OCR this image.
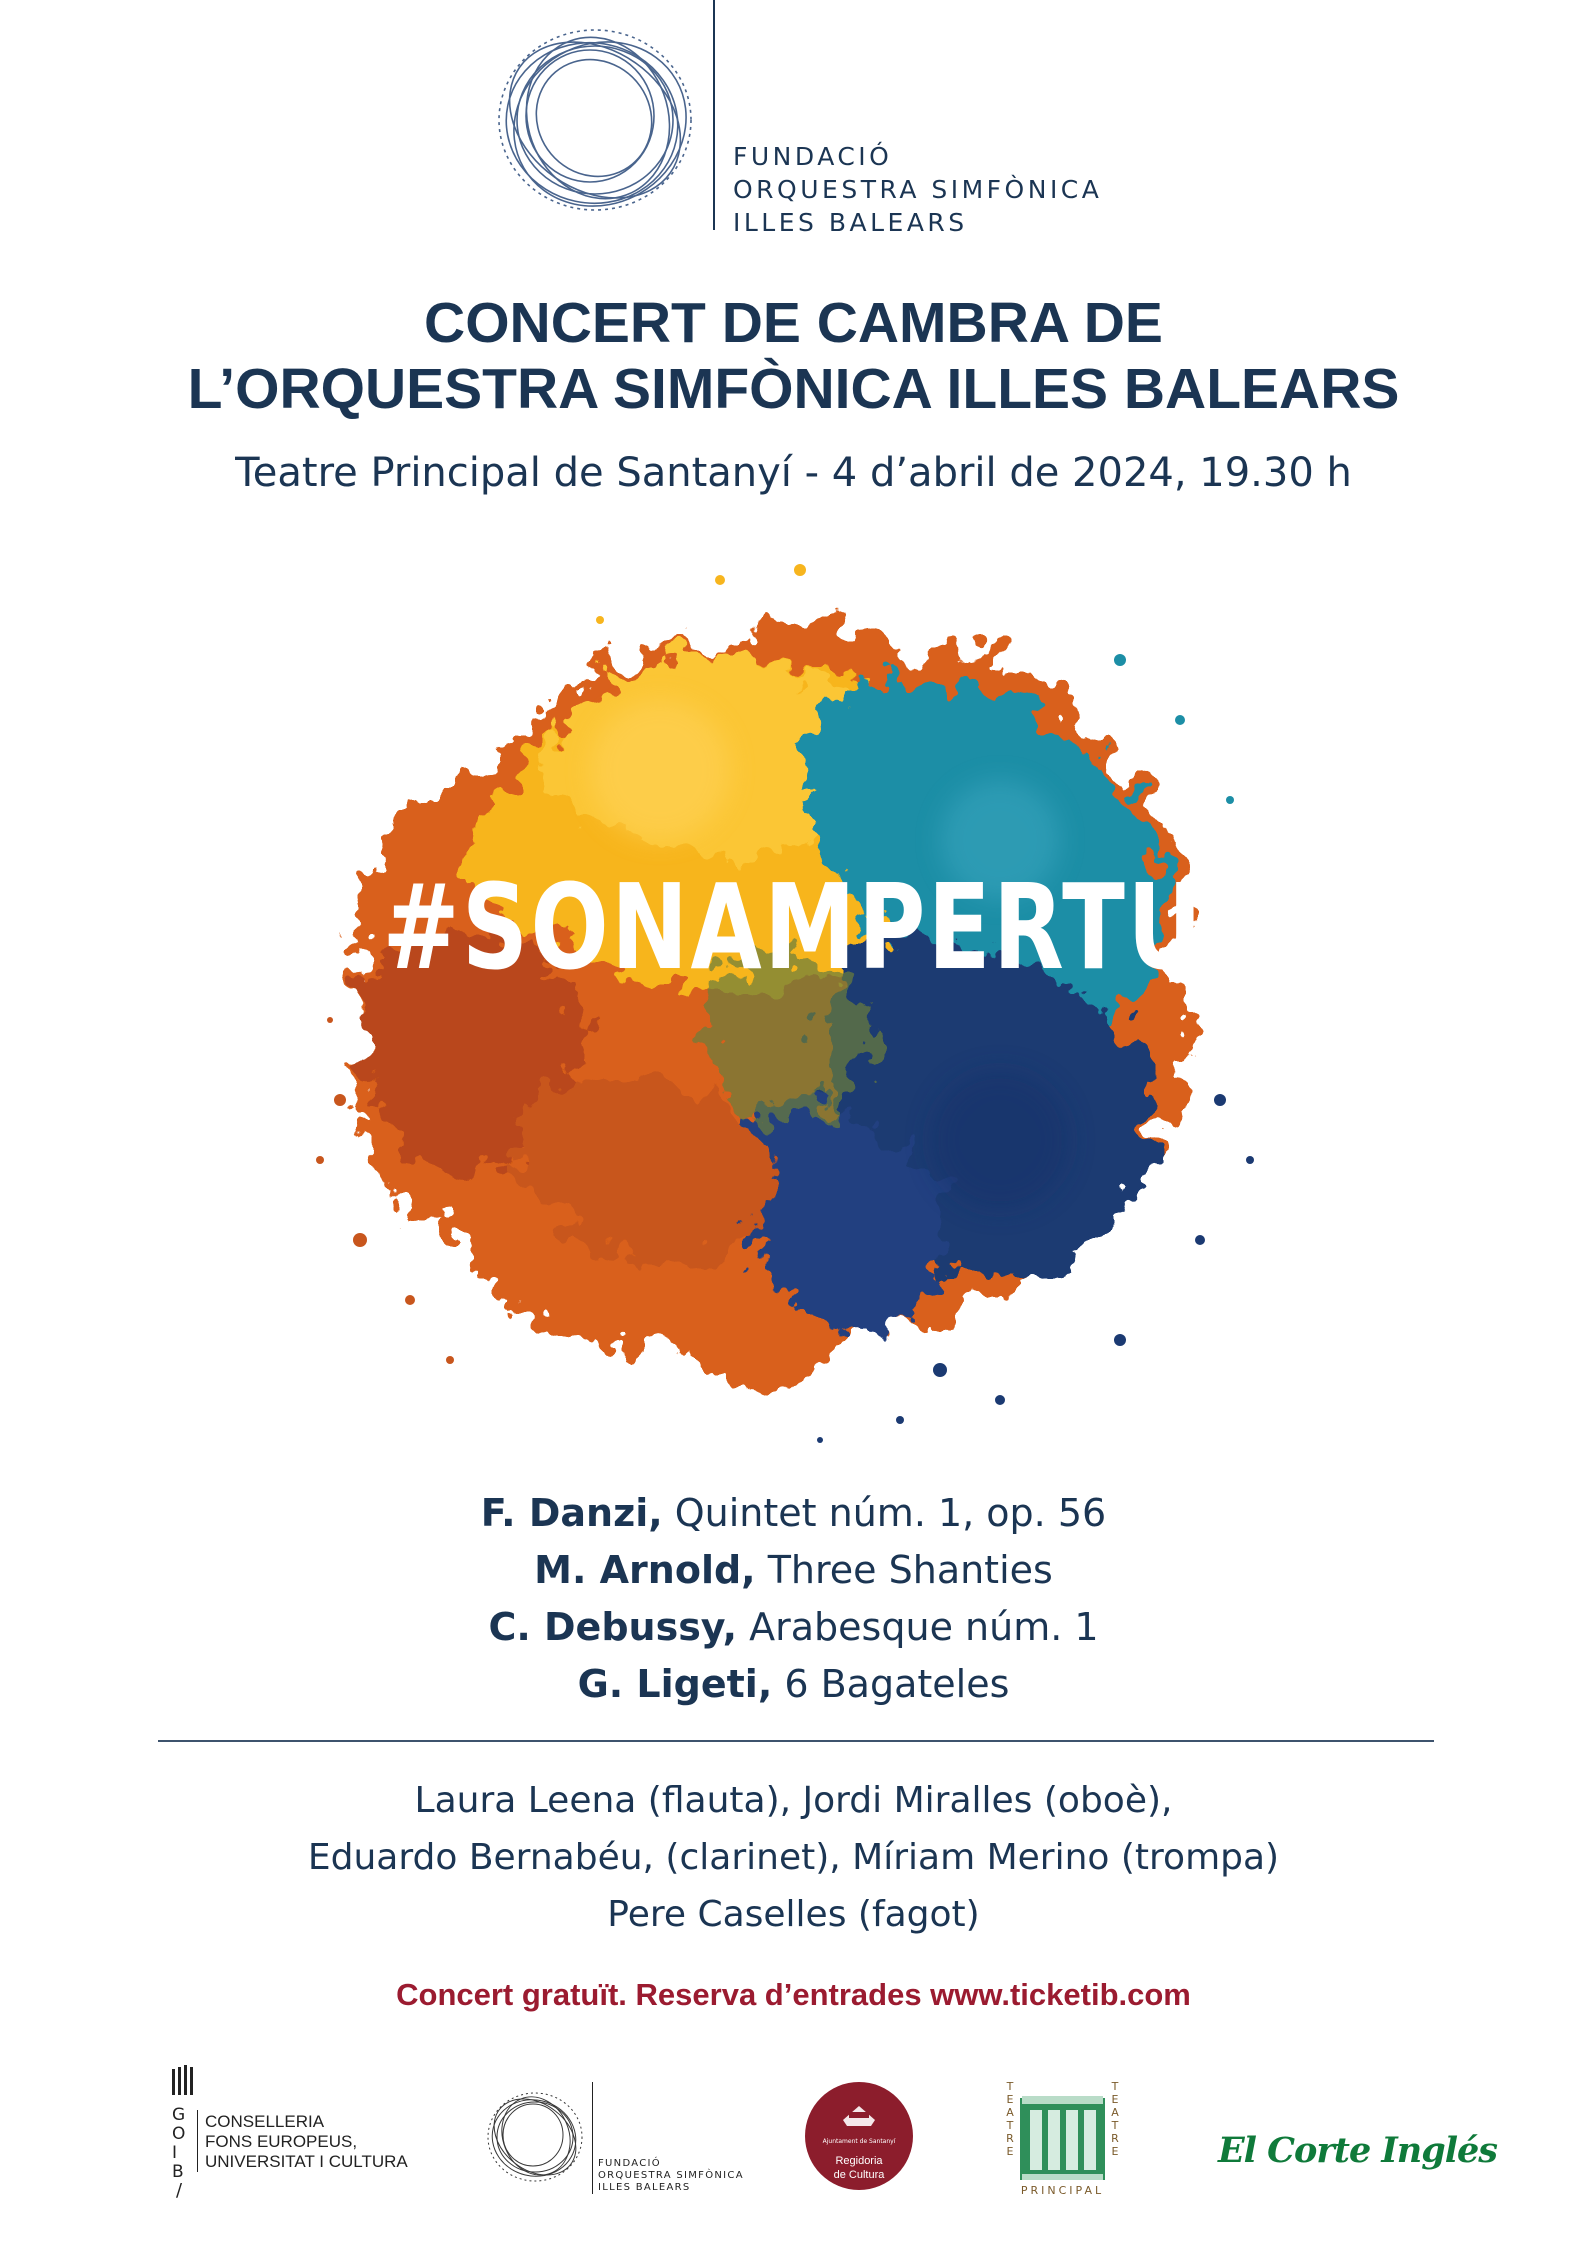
FUNDACIÓ
ORQUESTRA SIMFÒNICA
ILLES BALEARS
CONCERT DE CAMBRA DE
L’ORQUESTRA SIMFÒNICA ILLES BALEARS
Teatre Principal de Santanyí - 4 d’abril de 2024, 19.30 h
#SONAMPERTU
F. Danzi, Quintet núm. 1, op. 56
M. Arnold, Three Shanties
C. Debussy, Arabesque núm. 1
G. Ligeti, 6 Bagateles
Laura Leena (flauta), Jordi Miralles (oboè),
Eduardo Bernabéu, (clarinet), Míriam Merino (trompa)
Pere Caselles (fagot)
Concert gratuït. Reserva d’entrades www.ticketib.com
G
O
I
B
CONSELLERIA
FONS EUROPEUS,
UNIVERSITAT I CULTURA
/
FUNDACIÓ
ORQUESTRA SIMFÒNICA
ILLES BALEARS
Ajuntament de Santanyí
Regidoria
de Cultura
TEATRE	TEATRE
PRINCIPAL
El Corte Inglés
